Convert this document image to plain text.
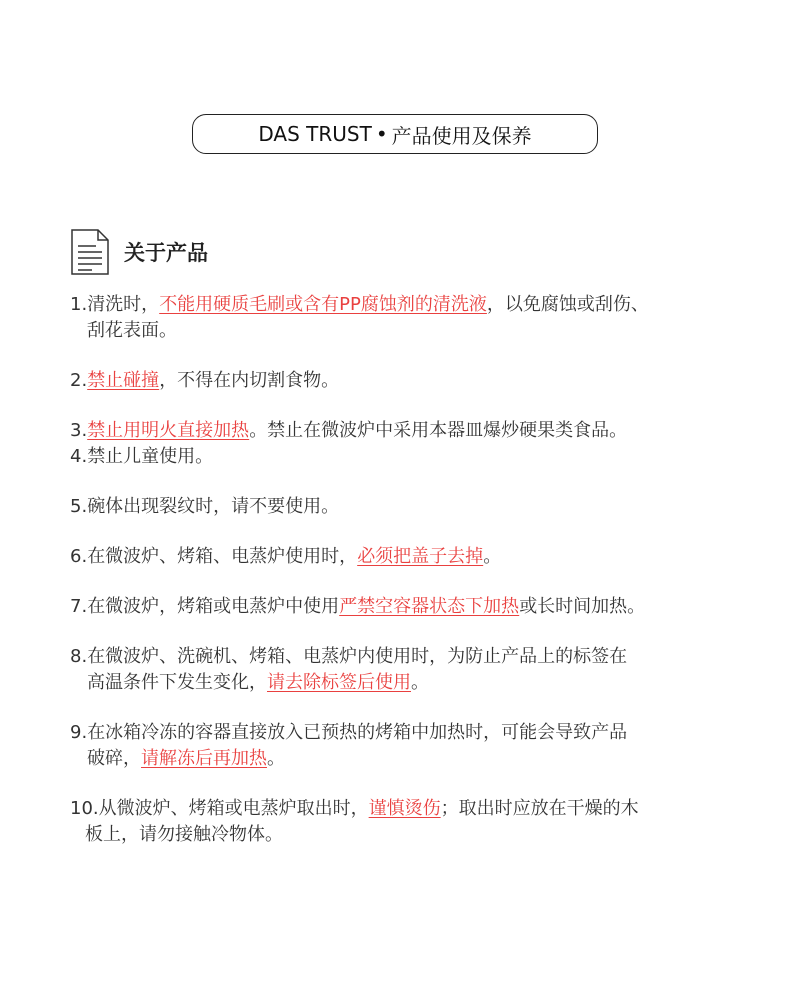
DAS TRUST • 产品使用及保养
关于产品
1.清洗时，不能用硬质毛刷或含有PP腐蚀剂的清洗液，以免腐蚀或刮伤、
刮花表面。
2.禁止碰撞，不得在内切割食物。
3.禁止用明火直接加热。禁止在微波炉中采用本器皿爆炒硬果类食品。
4.禁止儿童使用。
5.碗体出现裂纹时，请不要使用。
6.在微波炉、烤箱、电蒸炉使用时，必须把盖子去掉。
7.在微波炉，烤箱或电蒸炉中使用严禁空容器状态下加热或长时间加热。
8.在微波炉、洗碗机、烤箱、电蒸炉内使用时，为防止产品上的标签在
高温条件下发生变化，请去除标签后使用。
9.在冰箱冷冻的容器直接放入已预热的烤箱中加热时，可能会导致产品
破碎，请解冻后再加热。
10.从微波炉、烤箱或电蒸炉取出时，谨慎烫伤；取出时应放在干燥的木
板上，请勿接触冷物体。
